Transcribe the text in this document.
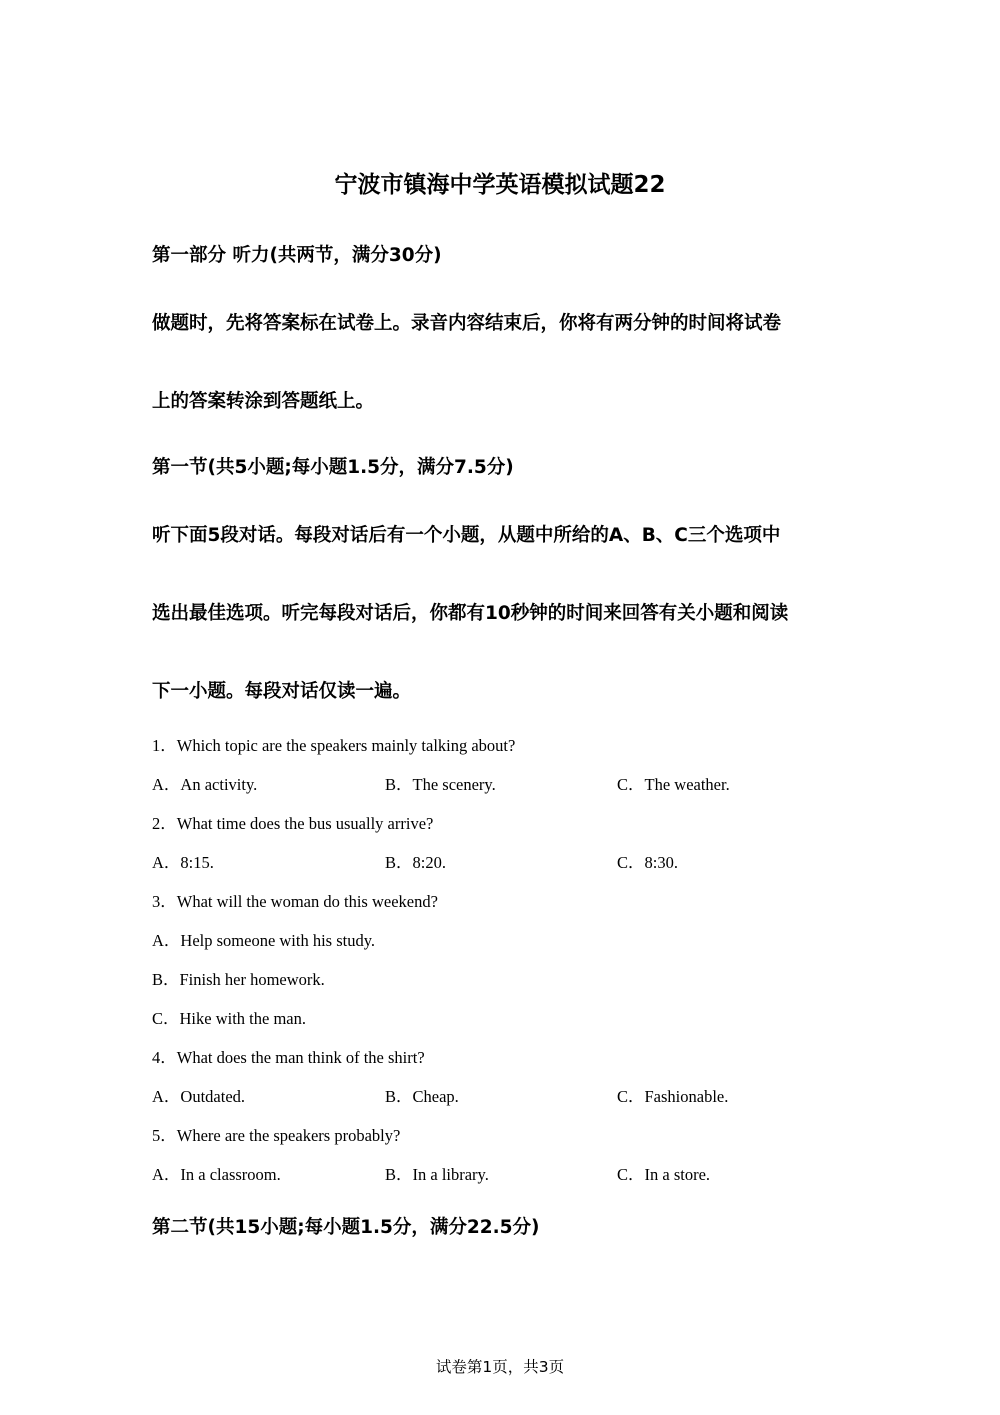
宁波市镇海中学英语模拟试题22
第一部分 听力(共两节，满分30分)
做题时，先将答案标在试卷上。录音内容结束后，你将有两分钟的时间将试卷
上的答案转涂到答题纸上。
第一节(共5小题;每小题1.5分，满分7.5分)
听下面5段对话。每段对话后有一个小题，从题中所给的A、B、C三个选项中
选出最佳选项。听完每段对话后，你都有10秒钟的时间来回答有关小题和阅读
下一小题。每段对话仅读一遍。
1．Which topic are the speakers mainly talking about?
A．An activity.	B．The scenery.	C．The weather.
2．What time does the bus usually arrive?
A．8:15.	B．8:20.	C．8:30.
3．What will the woman do this weekend?
A．Help someone with his study.
B．Finish her homework.
C．Hike with the man.
4．What does the man think of the shirt?
A．Outdated.	B．Cheap.	C．Fashionable.
5．Where are the speakers probably?
A．In a classroom.	B．In a library.	C．In a store.
第二节(共15小题;每小题1.5分，满分22.5分)
试卷第1页，共3页
